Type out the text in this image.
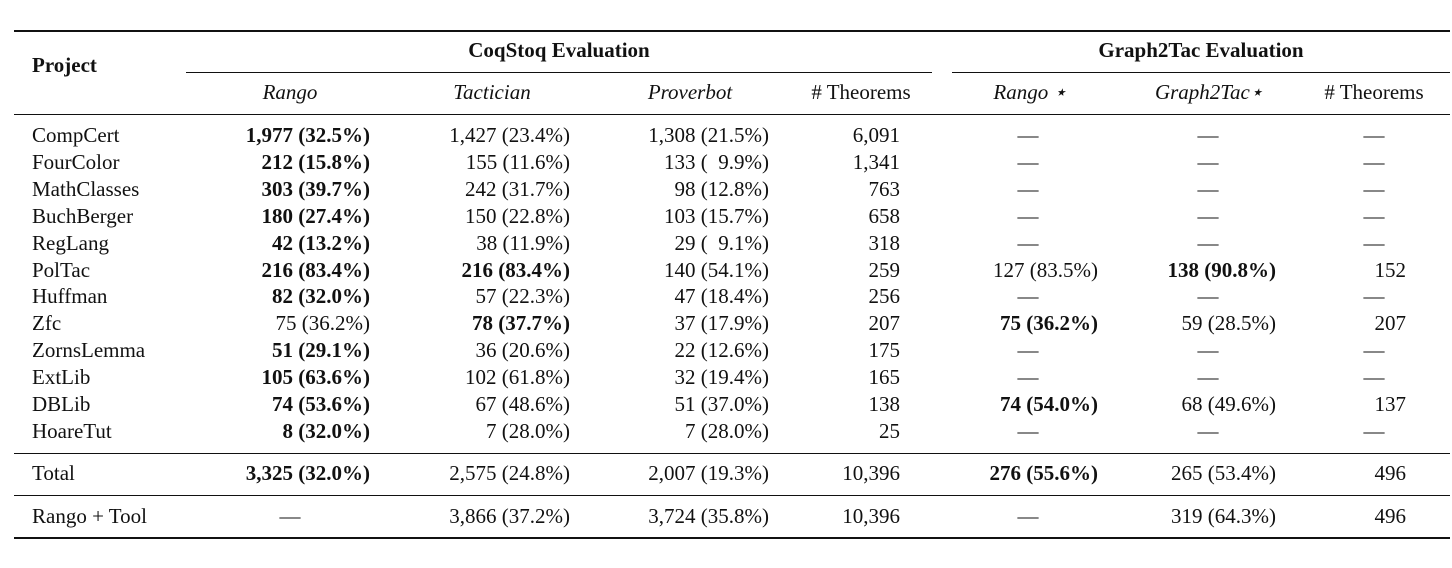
Project
CoqStoq Evaluation	Graph2Tac Evaluation
Rango	Tactician	Proverbot	# Theorems	Rango ⋆	Graph2Tac⋆	# Theorems
CompCert	1,977 (32.5%)	1,427 (23.4%)	1,308 (21.5%)	6,091	—	—	—
FourColor	212 (15.8%)	155 (11.6%)	133 (  9.9%)	1,341	—	—	—
MathClasses	303 (39.7%)	242 (31.7%)	98 (12.8%)	763	—	—	—
BuchBerger	180 (27.4%)	150 (22.8%)	103 (15.7%)	658	—	—	—
RegLang	42 (13.2%)	38 (11.9%)	29 (  9.1%)	318	—	—	—
PolTac	216 (83.4%)	216 (83.4%)	140 (54.1%)	259	127 (83.5%)	138 (90.8%)	152
Huffman	82 (32.0%)	57 (22.3%)	47 (18.4%)	256	—	—	—
Zfc	75 (36.2%)	78 (37.7%)	37 (17.9%)	207	75 (36.2%)	59 (28.5%)	207
ZornsLemma	51 (29.1%)	36 (20.6%)	22 (12.6%)	175	—	—	—
ExtLib	105 (63.6%)	102 (61.8%)	32 (19.4%)	165	—	—	—
DBLib	74 (53.6%)	67 (48.6%)	51 (37.0%)	138	74 (54.0%)	68 (49.6%)	137
HoareTut	8 (32.0%)	7 (28.0%)	7 (28.0%)	25	—	—	—
Total	3,325 (32.0%)	2,575 (24.8%)	2,007 (19.3%)	10,396	276 (55.6%)	265 (53.4%)	496
Rango + Tool	—	3,866 (37.2%)	3,724 (35.8%)	10,396	—	319 (64.3%)	496
